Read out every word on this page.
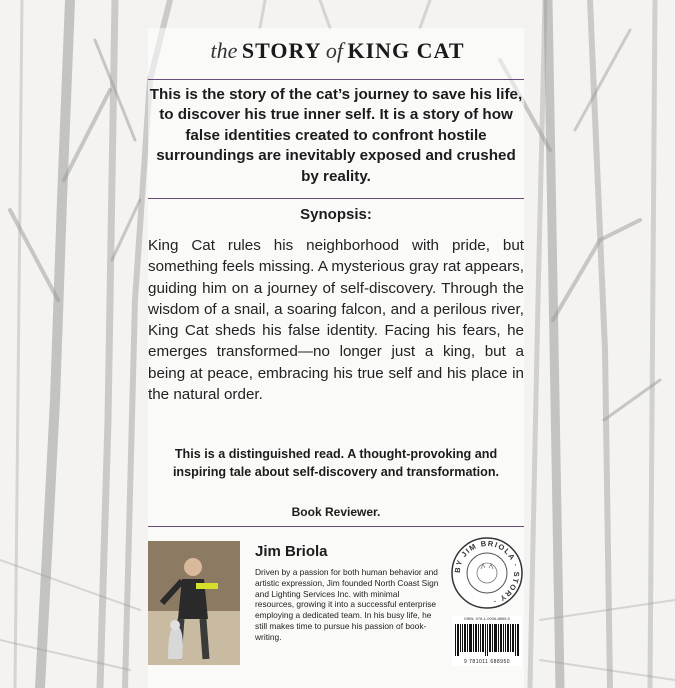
the STORY of KING CAT
This is the story of the cat’s journey to save his life, to discover his true inner self. It is a story of how false identities created to confront hostile surroundings are inevitably exposed and crushed by reality.
Synopsis:
King Cat rules his neighborhood with pride, but something feels missing. A mysterious gray rat appears, guiding him on a journey of self-discovery. Through the wisdom of a snail, a soaring falcon, and a perilous river, King Cat sheds his false identity. Facing his fears, he emerges transformed—no longer just a king, but a being at peace, embracing his true self and his place in the natural order.
This is a distinguished read. A thought-provoking and inspiring tale about self-discovery and transformation.
Book Reviewer.
Jim Briola
Driven by a passion for both human behavior and artistic expression, Jim founded North Coast Sign and Lighting Services Inc. with minimal resources, growing it into a successful enterprise employing a dedicated team. In his busy life, he still makes time to pursue his passion of book-writing.
BY JIM BRIOLA · STORY ·
ISBN: 978-1-0036-8859-0
9 781011 688950
